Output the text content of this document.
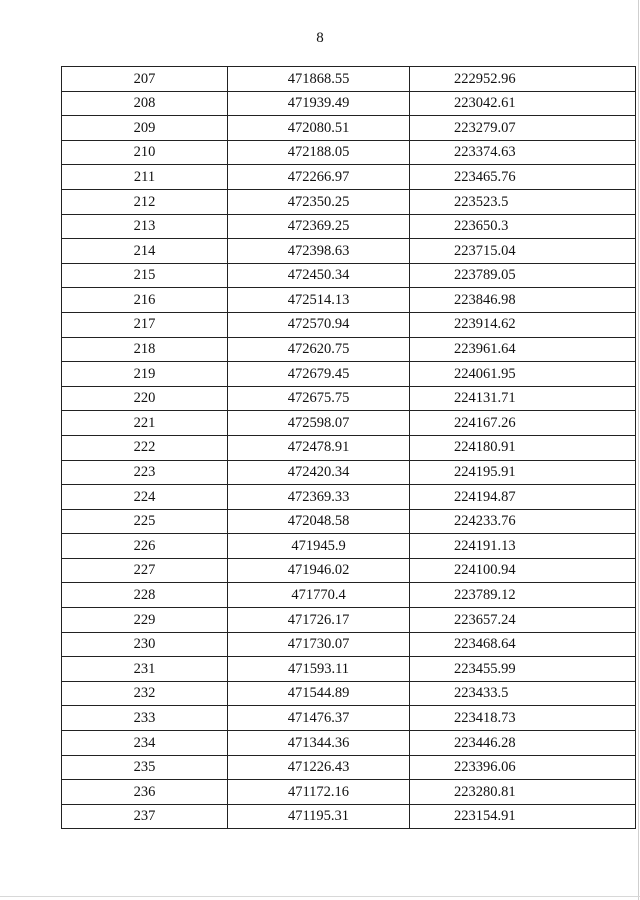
8
207	471868.55	222952.96
208	471939.49	223042.61
209	472080.51	223279.07
210	472188.05	223374.63
211	472266.97	223465.76
212	472350.25	223523.5
213	472369.25	223650.3
214	472398.63	223715.04
215	472450.34	223789.05
216	472514.13	223846.98
217	472570.94	223914.62
218	472620.75	223961.64
219	472679.45	224061.95
220	472675.75	224131.71
221	472598.07	224167.26
222	472478.91	224180.91
223	472420.34	224195.91
224	472369.33	224194.87
225	472048.58	224233.76
226	471945.9	224191.13
227	471946.02	224100.94
228	471770.4	223789.12
229	471726.17	223657.24
230	471730.07	223468.64
231	471593.11	223455.99
232	471544.89	223433.5
233	471476.37	223418.73
234	471344.36	223446.28
235	471226.43	223396.06
236	471172.16	223280.81
237	471195.31	223154.91
